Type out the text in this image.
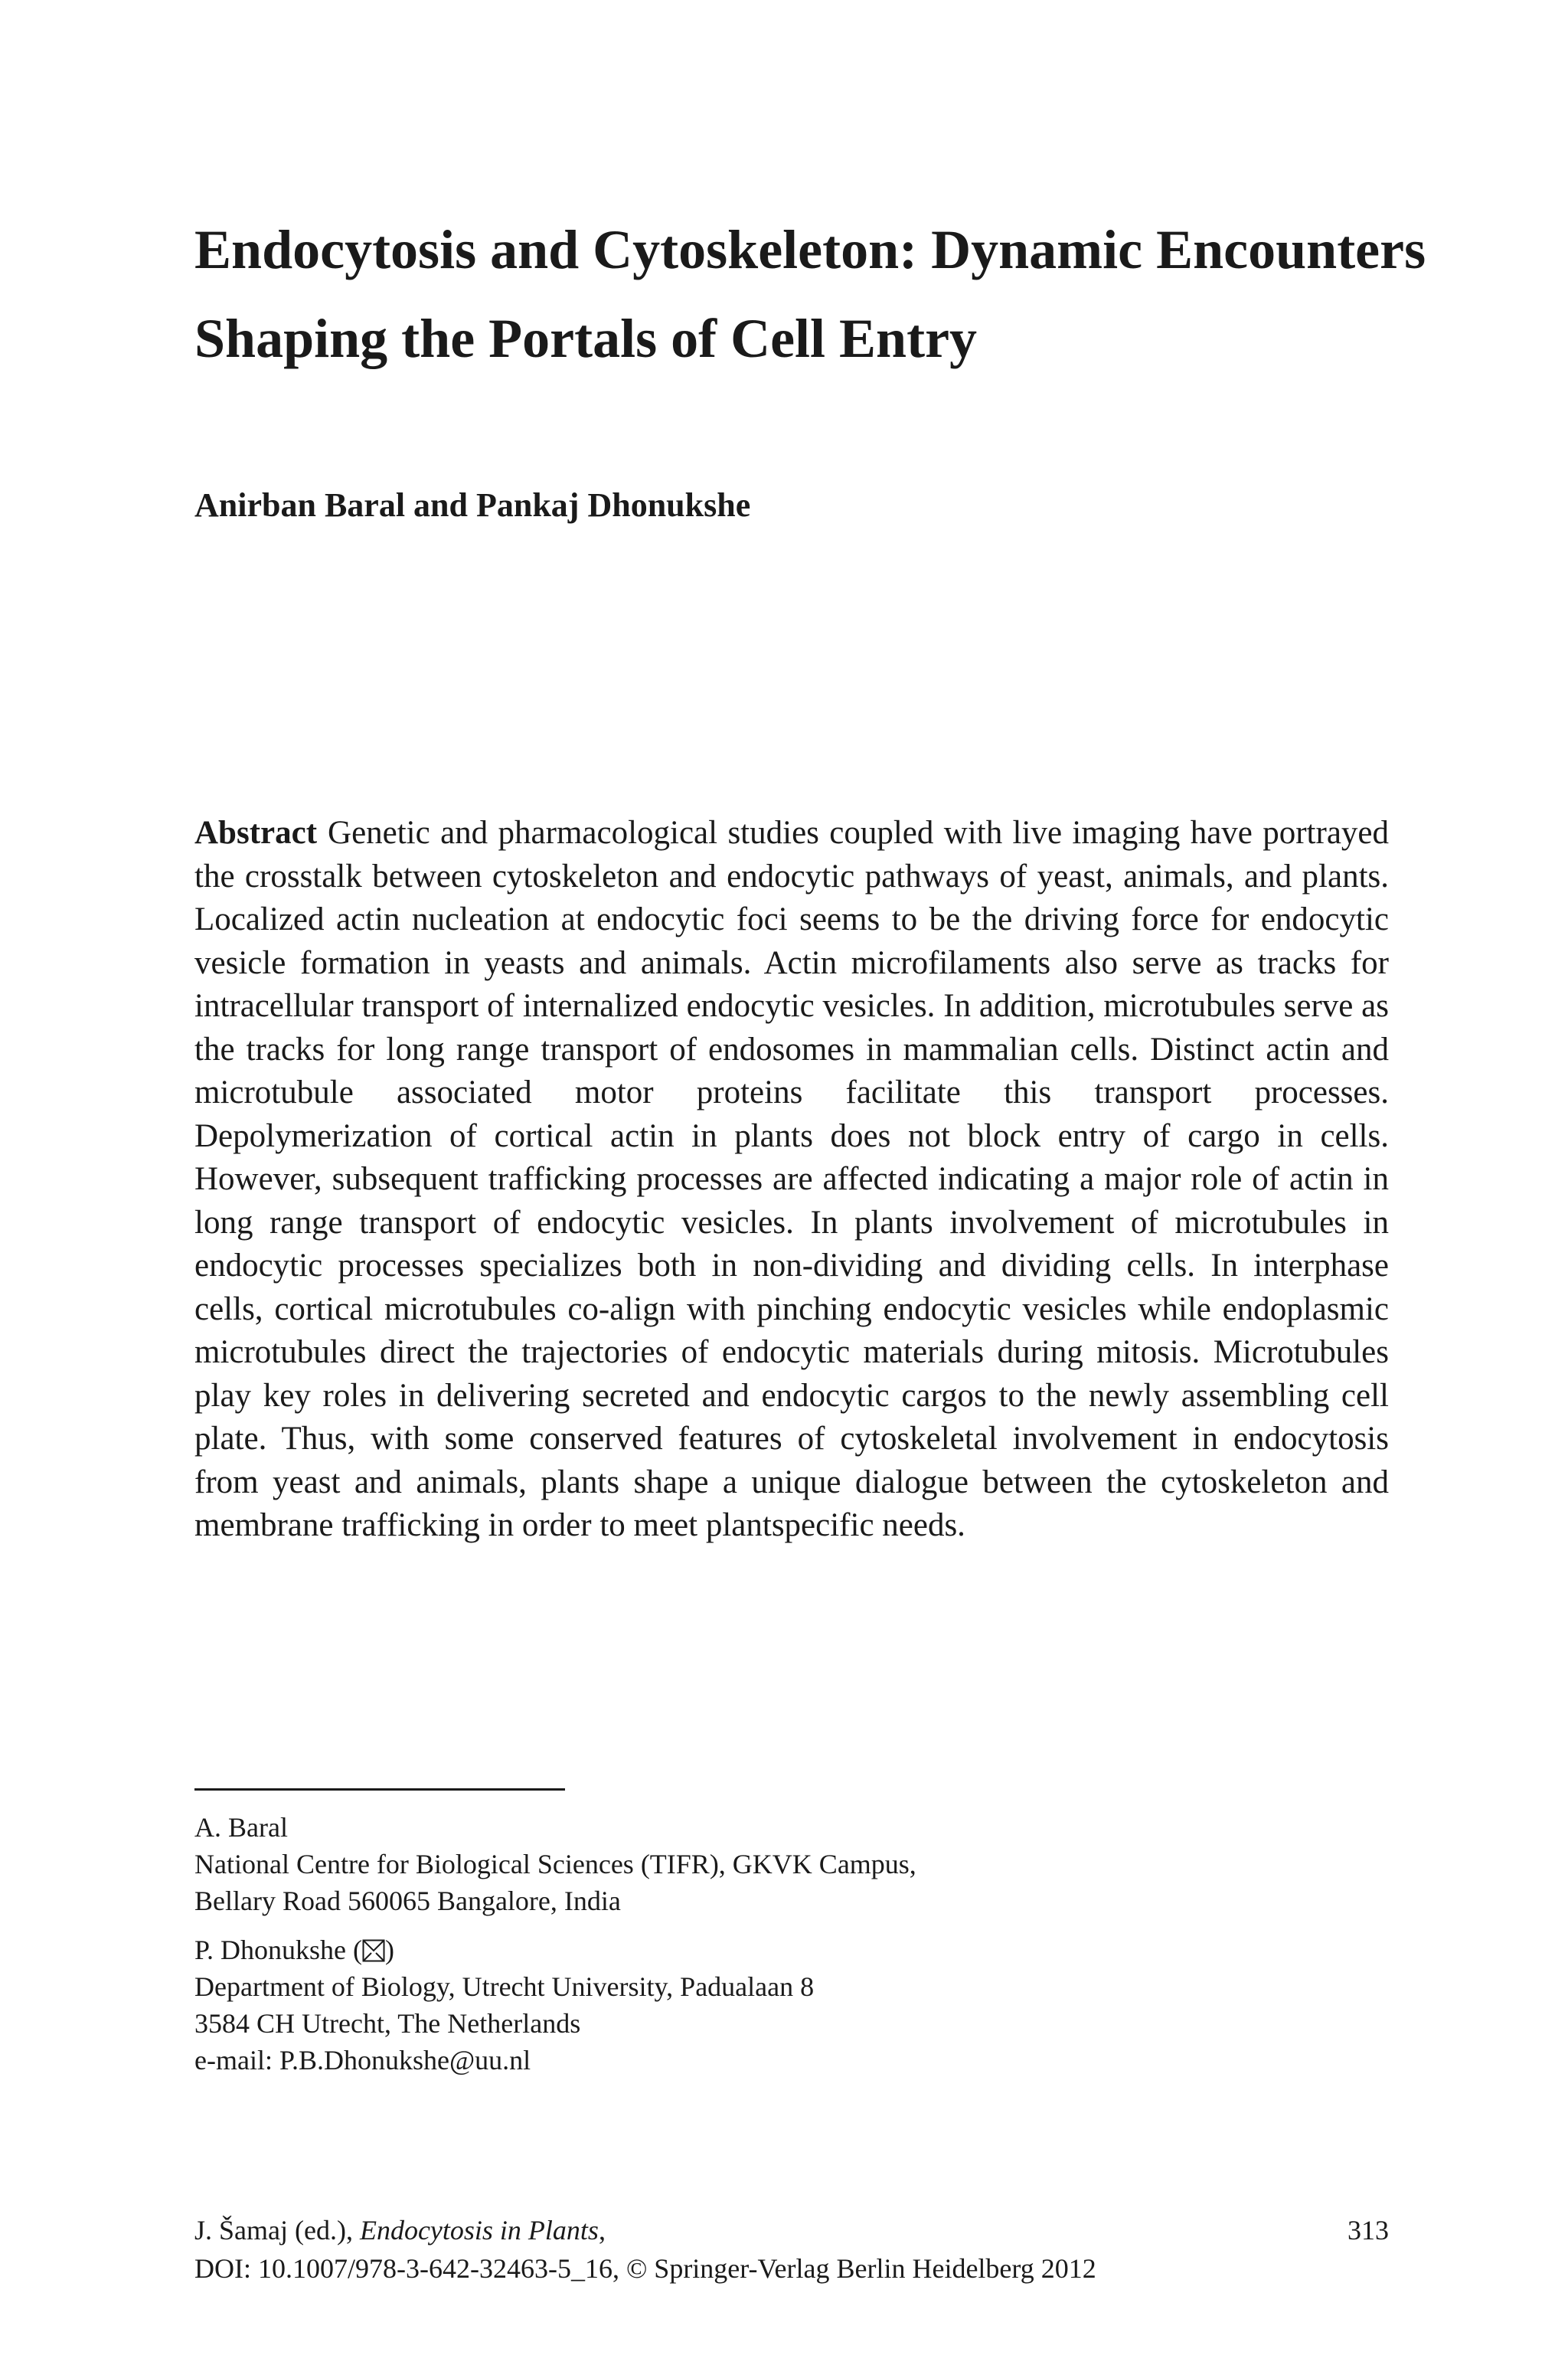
Endocytosis and Cytoskeleton: Dynamic Encounters Shaping the Portals of Cell Entry

Anirban Baral and Pankaj Dhonukshe

Abstract Genetic and pharmacological studies coupled with live imaging have portrayed the crosstalk between cytoskeleton and endocytic pathways of yeast, animals, and plants. Localized actin nucleation at endocytic foci seems to be the driving force for endocytic vesicle formation in yeasts and animals. Actin microfilaments also serve as tracks for intracellular transport of internalized endocytic vesicles. In addition, microtubules serve as the tracks for long range transport of endosomes in mammalian cells. Distinct actin and microtubule associated motor proteins facilitate this transport processes. Depolymerization of cortical actin in plants does not block entry of cargo in cells. However, subsequent trafficking processes are affected indicating a major role of actin in long range transport of endocytic vesicles. In plants involvement of microtubules in endocytic processes specializes both in non-dividing and dividing cells. In interphase cells, cortical microtubules co-align with pinching endocytic vesicles while endoplasmic microtubules direct the trajectories of endocytic materials during mitosis. Microtubules play key roles in delivering secreted and endocytic cargos to the newly assembling cell plate. Thus, with some conserved features of cytoskeletal involvement in endocytosis from yeast and animals, plants shape a unique dialogue between the cytoskeleton and membrane trafficking in order to meet plantspecific needs.

A. Baral
National Centre for Biological Sciences (TIFR), GKVK Campus,
Bellary Road 560065 Bangalore, India
P. Dhonukshe ( )
Department of Biology, Utrecht University, Padualaan 8
3584 CH Utrecht, The Netherlands
e-mail: P.B.Dhonukshe@uu.nl
J. Šamaj (ed.), Endocytosis in Plants,
DOI: 10.1007/978-3-642-32463-5_16, © Springer-Verlag Berlin Heidelberg 2012
313
